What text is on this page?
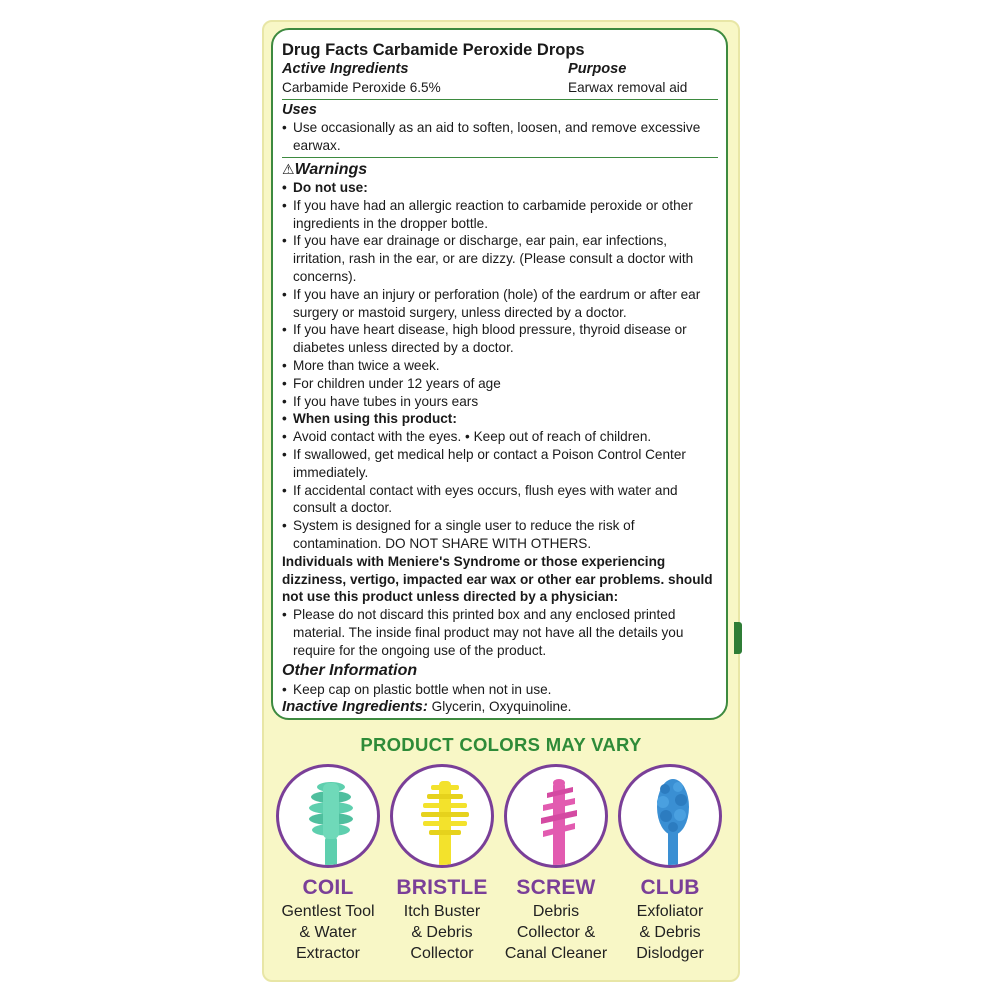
Drug Facts Carbamide Peroxide Drops
Active Ingredients	Purpose
Carbamide Peroxide 6.5%	Earwax removal aid
Uses
• Use occasionally as an aid to soften, loosen, and remove excessive earwax.
⚠Warnings
• Do not use:
• If you have had an allergic reaction to carbamide peroxide or other ingredients in the dropper bottle.
• If you have ear drainage or discharge, ear pain, ear infections, irritation, rash in the ear, or are dizzy. (Please consult a doctor with concerns).
• If you have an injury or perforation (hole) of the eardrum or after ear surgery or mastoid surgery, unless directed by a doctor.
• If you have heart disease, high blood pressure, thyroid disease or diabetes unless directed by a doctor.
• More than twice a week.
• For children under 12 years of age
• If you have tubes in yours ears
• When using this product:
• Avoid contact with the eyes. • Keep out of reach of children.
• If swallowed, get medical help or contact a Poison Control Center immediately.
• If accidental contact with eyes occurs, flush eyes with water and consult a doctor.
• System is designed for a single user to reduce the risk of contamination. DO NOT SHARE WITH OTHERS.
Individuals with Meniere's Syndrome or those experiencing dizziness, vertigo, impacted ear wax or other ear problems. should not use this product unless directed by a physician:
• Please do not discard this printed box and any enclosed printed material. The inside final product may not have all the details you require for the ongoing use of the product.
Other Information
• Keep cap on plastic bottle when not in use.
Inactive Ingredients: Glycerin, Oxyquinoline.
PRODUCT COLORS MAY VARY
COIL
Gentlest Tool
& Water
Extractor
BRISTLE
Itch Buster
& Debris
Collector
SCREW
Debris
Collector &
Canal Cleaner
CLUB
Exfoliator
& Debris
Dislodger
